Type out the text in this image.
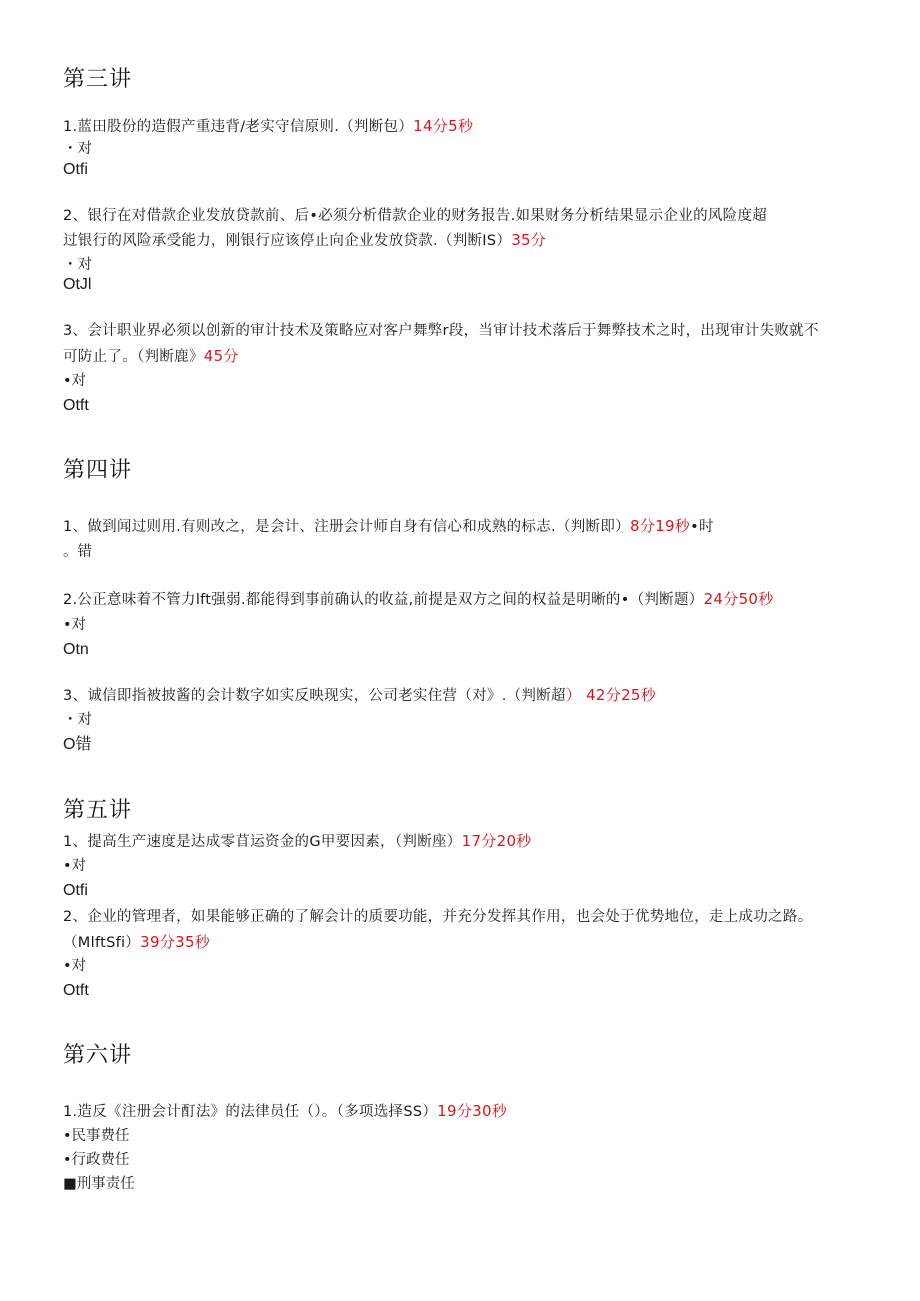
第三讲
1.蓝田股份的造假产重违背/老实守信原则.（判断包）14分5秒
・对
Otfi
2、银行在对借款企业发放贷款前、后•必须分析借款企业的财务报告.如果财务分析结果显示企业的风险度超
过银行的风险承受能力，刚银行应该停止向企业发放贷款.（判断IS）35分
・对
OtJl
3、会计职业界必须以创新的审计技术及策略应对客户舞弊r段，当审计技术落后于舞弊技术之时，出现审计失败就不
可防止了。（判断鹿》45分
•对
Otft
第四讲
1、做到闻过则用.有则改之，是会计、注册会计师自身有信心和成熟的标志.（判断即）8分19秒•时
。错
2.公正意味着不管力lft强弱.都能得到事前确认的收益,前提是双方之间的权益是明晰的•（判断题）24分50秒
•对
Otn
3、诚信即指被披酱的会计数字如实反映现实，公司老实住营（对》.（判断超） 42分25秒
・对
O错
第五讲
1、提高生产速度是达成零苜运资金的G甲要因素，（判断座）17分20秒
•对
Otfi
2、企业的管理者，如果能够正确的了解会计的质要功能，并充分发挥其作用，也会处于优势地位，走上成功之路。
（MlftSfi）39分35秒
•对
Otft
第六讲
1.造反《注册会计酊法》的法律员任（）。（多项选择SS）19分30秒
•民事费任
•行政费任
■刑事责任
